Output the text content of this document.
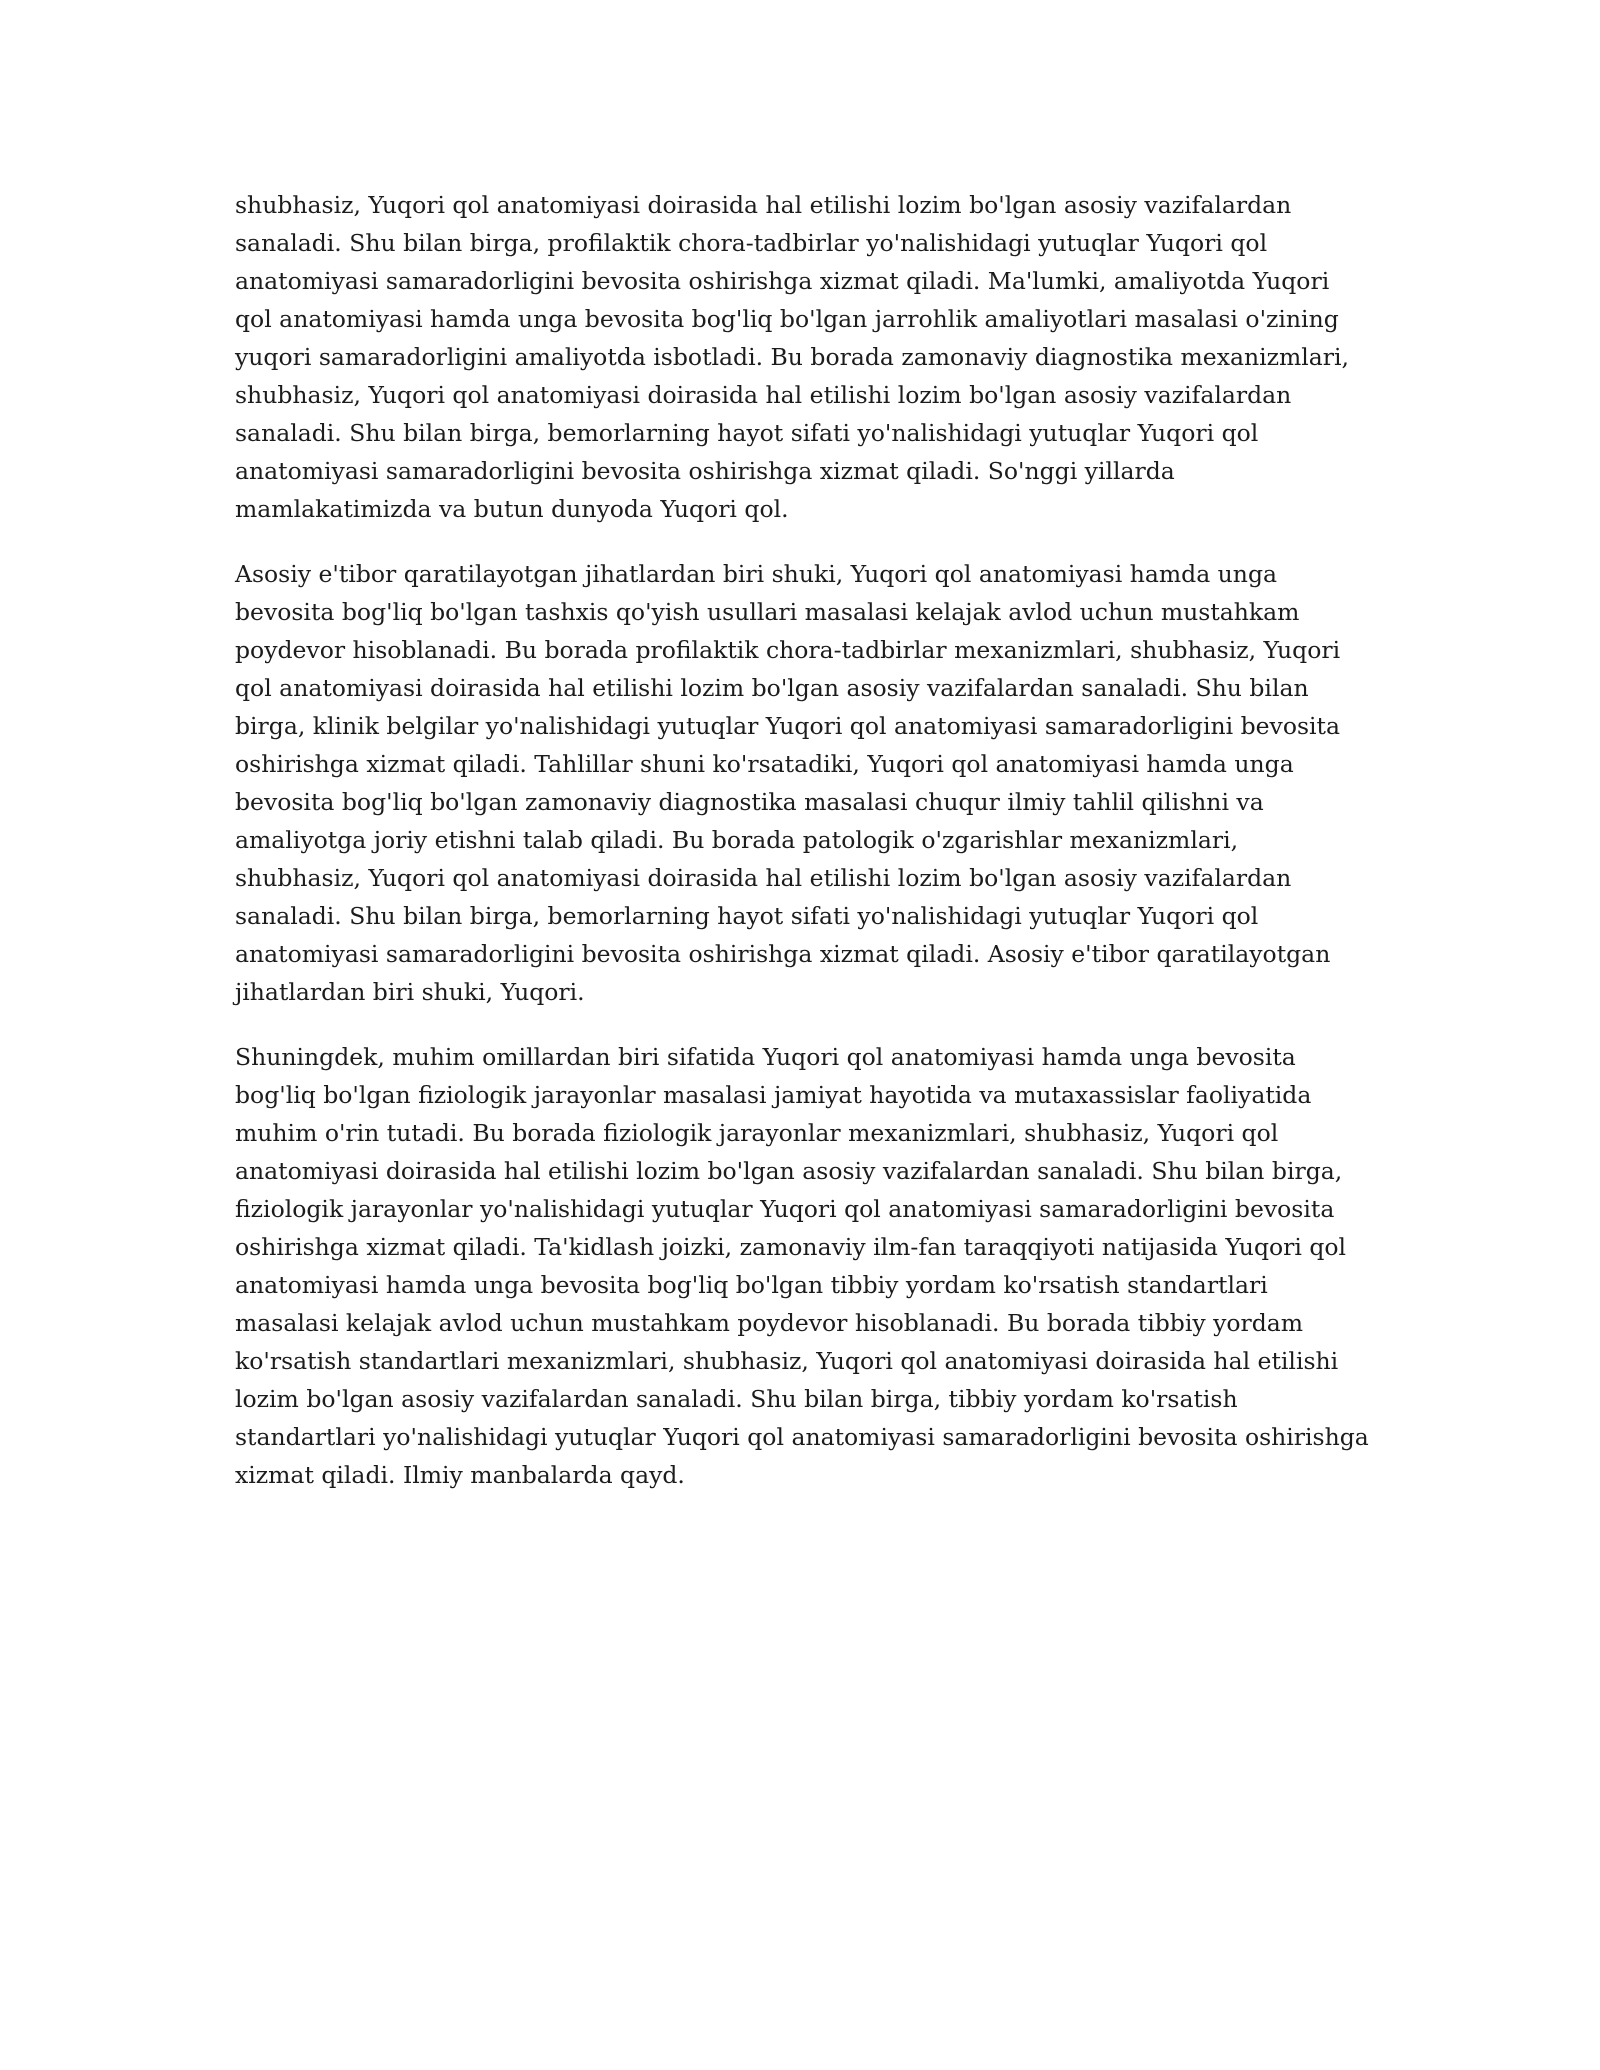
shubhasiz, Yuqori qol anatomiyasi doirasida hal etilishi lozim bo'lgan asosiy vazifalardan sanaladi. Shu bilan birga, profilaktik chora-tadbirlar yo'nalishidagi yutuqlar Yuqori qol anatomiyasi samaradorligini bevosita oshirishga xizmat qiladi. Ma'lumki, amaliyotda Yuqori qol anatomiyasi hamda unga bevosita bog'liq bo'lgan jarrohlik amaliyotlari masalasi o'zining yuqori samaradorligini amaliyotda isbotladi. Bu borada zamonaviy diagnostika mexanizmlari, shubhasiz, Yuqori qol anatomiyasi doirasida hal etilishi lozim bo'lgan asosiy vazifalardan sanaladi. Shu bilan birga, bemorlarning hayot sifati yo'nalishidagi yutuqlar Yuqori qol anatomiyasi samaradorligini bevosita oshirishga xizmat qiladi. So'nggi yillarda mamlakatimizda va butun dunyoda Yuqori qol.

Asosiy e'tibor qaratilayotgan jihatlardan biri shuki, Yuqori qol anatomiyasi hamda unga bevosita bog'liq bo'lgan tashxis qo'yish usullari masalasi kelajak avlod uchun mustahkam poydevor hisoblanadi. Bu borada profilaktik chora-tadbirlar mexanizmlari, shubhasiz, Yuqori qol anatomiyasi doirasida hal etilishi lozim bo'lgan asosiy vazifalardan sanaladi. Shu bilan birga, klinik belgilar yo'nalishidagi yutuqlar Yuqori qol anatomiyasi samaradorligini bevosita oshirishga xizmat qiladi. Tahlillar shuni ko'rsatadiki, Yuqori qol anatomiyasi hamda unga bevosita bog'liq bo'lgan zamonaviy diagnostika masalasi chuqur ilmiy tahlil qilishni va amaliyotga joriy etishni talab qiladi. Bu borada patologik o'zgarishlar mexanizmlari, shubhasiz, Yuqori qol anatomiyasi doirasida hal etilishi lozim bo'lgan asosiy vazifalardan sanaladi. Shu bilan birga, bemorlarning hayot sifati yo'nalishidagi yutuqlar Yuqori qol anatomiyasi samaradorligini bevosita oshirishga xizmat qiladi. Asosiy e'tibor qaratilayotgan jihatlardan biri shuki, Yuqori.

Shuningdek, muhim omillardan biri sifatida Yuqori qol anatomiyasi hamda unga bevosita bog'liq bo'lgan fiziologik jarayonlar masalasi jamiyat hayotida va mutaxassislar faoliyatida muhim o'rin tutadi. Bu borada fiziologik jarayonlar mexanizmlari, shubhasiz, Yuqori qol anatomiyasi doirasida hal etilishi lozim bo'lgan asosiy vazifalardan sanaladi. Shu bilan birga, fiziologik jarayonlar yo'nalishidagi yutuqlar Yuqori qol anatomiyasi samaradorligini bevosita oshirishga xizmat qiladi. Ta'kidlash joizki, zamonaviy ilm-fan taraqqiyoti natijasida Yuqori qol anatomiyasi hamda unga bevosita bog'liq bo'lgan tibbiy yordam ko'rsatish standartlari masalasi kelajak avlod uchun mustahkam poydevor hisoblanadi. Bu borada tibbiy yordam ko'rsatish standartlari mexanizmlari, shubhasiz, Yuqori qol anatomiyasi doirasida hal etilishi lozim bo'lgan asosiy vazifalardan sanaladi. Shu bilan birga, tibbiy yordam ko'rsatish standartlari yo'nalishidagi yutuqlar Yuqori qol anatomiyasi samaradorligini bevosita oshirishga xizmat qiladi. Ilmiy manbalarda qayd.
